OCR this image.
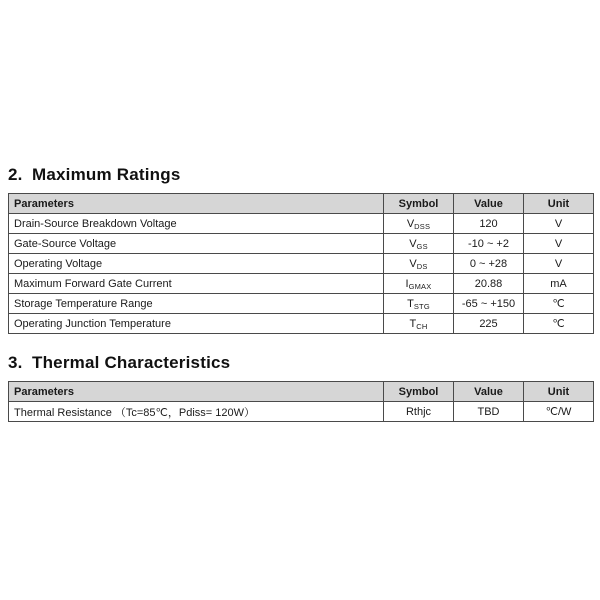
2. Maximum Ratings
Parameters	Symbol	Value	Unit
Drain-Source Breakdown Voltage	$V_{DSS}$	120	V
Gate-Source Voltage	$V_{GS}$	-10 ~ +2	V
Operating Voltage	$V_{DS}$	0 ~ +28	V
Maximum Forward Gate Current	$I_{GMAX}$	20.88	mA
Storage Temperature Range	$T_{STG}$	-65 ~ +150	℃
Operating Junction Temperature	$T_{CH}$	225	℃
3. Thermal Characteristics
Parameters	Symbol	Value	Unit
Thermal Resistance （Tc=85℃，Pdiss= 120W）	Rthjc	TBD	℃/W
